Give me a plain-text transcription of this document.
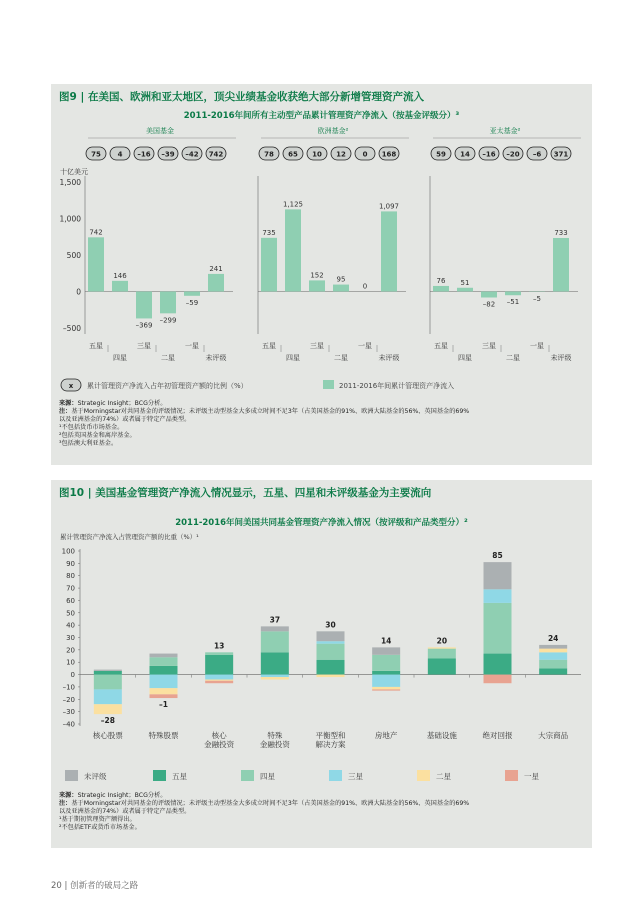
图9 | 在美国、欧洲和亚太地区，顶尖业绩基金收获绝大部分新增管理资产流入
2011-2016年间所有主动型产品累计管理资产净流入（按基金评级分）³
1,500
1,000
500
0
–500
十亿美元
美国基金
75 4 –16 –39 –42 742
742
146
–369
–299
–59
241
五星
四星
三星
二星
一星
未评级
欧洲基金²
78 65 10 12 0 168
735
1,125
152
95
0
1,097
五星
四星
三星
二星
一星
未评级
亚太基金²
59 14 –16 –20 –6 371
76 51
–82 –51 –5
733
五星
四星
三星
二星
一星
未评级
x 累计管理资产净流入占年初管理资产额的比例（%）	2011-2016年间累计管理资产净流入
来源：Strategic Insight；BCG分析。
注：基于Morningstar对共同基金的评级情况；未评级主动型基金大多成立时间不足3年（占美国基金的91%、欧洲大陆基金的56%、英国基金的69%
以及亚洲基金的74%）或者属于特定产品类型。
¹不包括货币市场基金。
²包括英国基金和离岸基金。
³包括澳大利亚基金。
图10 | 美国基金管理资产净流入情况显示，五星、四星和未评级基金为主要流向
2011-2016年间美国共同基金管理资产净流入情况（按评级和产品类型分）²
累计管理资产净流入占管理资产额的比重（%）¹
100
90
80
70
60
50
40
30
20
10
0
–10
–20
–30
–40	–28
核心股票
–1
特殊股票
13
核心
金融投资
37
特殊
金融投资
30
平衡型和
解决方案
14
房地产
20
基础设施
85
绝对回报
24
大宗商品
未评级	五星	四星	三星	二星	一星
来源：Strategic Insight；BCG分析。
注：基于Morningstar对共同基金的评级情况；未评级主动型基金大多成立时间不足3年（占美国基金的91%、欧洲大陆基金的56%、英国基金的69%
以及亚洲基金的74%）或者属于特定产品类型。
¹基于期初管理资产额得出。
²不包括ETF或货币市场基金。
20 | 创新者的破局之路
